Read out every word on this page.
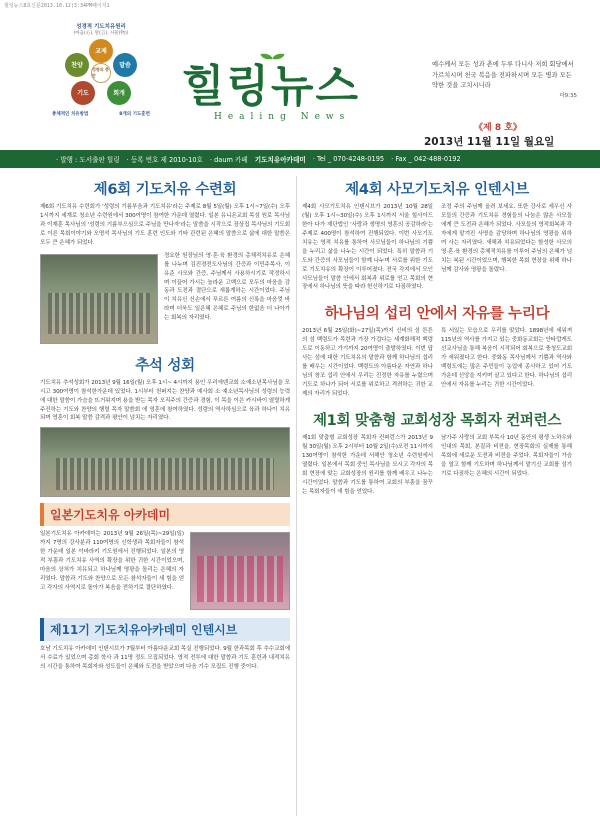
힐링뉴스8호신문2013.10.12(3:34PM페이지1
성경적 기도치유원리
(마음(心), 말(言), 사물(物))
교제
찬양	말씀
기도	회개
성령의 충만
총체적인 치유방법	8개의 기도훈련
힐링뉴스
Healing News
예수께서 모든 성과 촌에 두루 다니사 저희 회당에서 가르치시며 천국 복음을 전파하시며 모든 병과 모든 약한 것을 고치시니라
마9:35
《제 8 호》
2013년 11월 11일 월요일
· 발행 : 도서출판 힐링 · 등록 번호 제 2010-10호 · daum 카페 기도치유아카데미 · Tel _ 070-4248-0195 · Fax _ 042-488-0192
제6회 기도치유 수련회
제6회 기도치유 수련회가 '성령의 기름부음과 기도치유'라는 주제로 8월 5일(월) 오후 1시~7일(수) 오후 1시까지 세계로 청소년 수련원에서 300여명이 참여한 가운데 열렸다. 일본 유니온교회 목섬 원로 목사님과 이재훈 목사님의 '성령의 기름부으심으로 주님을 만나자'라는 말씀을 시작으로 장상집 목사님의 기도회로 이른 목회이야기와 오명석 목사님의 기도 훈련 인도와 기타 관련된 은혜의 말씀으로 삶에 대한 말씀은 모두 큰 은혜가 되었다.
정요한 원장님의 영·혼·육 환경의 총체적치유로 은혜를 나누며 김진경전도사님의 간증과 이민주목사, 이유준 사모와 간증, 주님께서 사용하시기로 작정하시며 이끌어 가시는 놀라운 고백으로 모두의 마음을 감동과 도전과 결단으로 새롭게하는 시간이었다. 주님이 치유신 신손에서 푸르른 여름의 신록을 마음껏 바라며 더욱도 일은혜 은혜로 주님의 한없음 더 나아가는 회복의 자리였다.
추석 성회
기도치유 추석성회가 2013년 9월 16일(월) 오후 1시~ 4시까지 용인 우리에덴교회 소예소년목사님을 모시고 300여명이 참석한가운데 있었다. 1시부터 천퍼지는 찬양과 예사회 소 예소년목사님의 성령의 능력에 대한 말씀이 가슴을 뜨거워지며 용을 받는 목자 오직주의 간증과 경험, 이 목을 이은 카시바이 열렬하게 주진하는 기도와 찬양의 행렬 목자 말씀회 에 영혼에 참여하였다. 성령의 역사하심으로 육과 하나이 치유되며 영혼이 회복 말씀 감격과 평안이 넘치는 자리였다.
일본기도치유 아카데미
일본기도치유 아카데미는 2013년 9월 26일(목)~29일(일)까지 7명의 강사분과 110여명의 신학생과 목회자들이 참석한 가운데 일본 이바라키 기도원에서 진행되었다. 일본의 영적 부흥과 기도치유 사역의 확장을 위한 귀한 시간이었으며, 마음의 상처가 치유되고 하나님께 영광을 돌리는 은혜의 자리였다. 말씀과 기도와 찬양으로 모든 참석자들이 새 힘을 얻고 각자의 사역지로 돌아가 복음을 전하기로 결단하였다.
제11기 기도치유아카데미 인텐시브
호남 기도치유 아카데미 인텐시브가 7월부터 아름다운교회 목실 진행되었다. 9월 한과목회 후 추수교회에서 수료가 있었으며 총회 학사 과 11명 정도 모집되었다. 영적 전투에 대한 말씀과 기도 훈련과 내적치유의 시간을 통하여 목회자와 성도들이 은혜와 도전을 받았으며 다음 기수 모집도 진행 중이다.
제4회 사모기도치유 인텐시브
제4회 사모기도치유 인텐시브가 2013년 10월 28일(월) 오후 1시~30일(수) 오후 1시까지 서울 힐사이드한아 다가 재단법인 '사랑과 생명의 영혼의 공감하라'는 주제로 400명이 참석하여 진행되었다. 이번 사모기도치유는 영적 치유를 통하여 사모님들이 하나님의 기쁨을 누리고 삶을 나누는 시간이 되었다. 특히 말씀과 기도와 간증의 사모님들이 함께 나누며 서로를 위한 기도로 기도치유의 확장이 이루어졌다. 전국 각지에서 모인 사모님들이 말씀 안에서 회복과 위로를 얻고 목회의 현장에서 하나님의 뜻을 따라 헌신하기로 다짐하였다.
조정 주의 주님께 올려 보세요. 또한 강사로 세우신 사모들의 간증과 기도치유 경험들의 나눔은 많은 사모들에게 큰 도전과 은혜가 되었다. 사모들의 영적회복과 각자에게 맡겨진 사명을 감당하며 하나님의 영광을 위하여 사는 자리였다. 새해과 치유되었다는 함성한 사모의 영·혼·육 환경의 총체적치유를 이루어 주님의 은혜가 넘치는 복된 시간이었으며, 행복한 목회 현장을 위해 하나님께 감사와 영광을 돌렸다.
하나님의 섭리 안에서 자유를 누리다
2013년 6월 25일(화)~27일(목)까지 신비의 섬 튼튼의 섬 백령도가 목련과 가장 가겁다는 세계화해적 백령도로 이동하고 가기까지 20여명이 출발하였다. 이번 답사는 섬에 대한 기도치유의 말씀과 함께 하나님의 섭리를 배우는 시간이었다. 백령도의 아름다운 자연과 하나님의 창조 섭리 안에서 우리는 진정한 자유를 누렸으며 기도로 하나가 되어 서로를 위로하고 격려하는 귀한 교제의 자리가 되었다.
특 서있는 모습으로 우리를 맞았다. 1898년에 세워져 115년의 역사를 가지고 있는 중화동교회는 안타깝게도 선교사님을 통해 복음이 시작되어 회복으로 충청도교회가 세워졌다고 한다. 중화동 목사님께서 기쁨과 역사와 백령도에는 많은 주민들이 농업에 종사하고 있어 기도 가운데 신앙을 지키며 살고 있다고 한다. 하나님의 섭리 안에서 자유를 누리는 귀한 시간이었다.
제1회 맞춤형 교회성장 목회자 컨퍼런스
제1회 맞춤형 교회성장 목회자 컨퍼런스가 2013년 9월 30일(월) 오후 2시부터 10월 2일(수)오전 11시까지 130여명이 참석한 가운데 서해안 청소년 수련원에서 열렸다. 일본에서 목회 중인 목사님을 모시고 각자의 목회 현장에 맞는 교회성장의 원리를 함께 배우고 나누는 시간이었다. 말씀과 기도를 통하여 교회의 부흥을 꿈꾸는 목회자들이 새 힘을 얻었다.
남가주 사랑의 교회 부목사 10년 동안의 평생 노하우와 인내의 목회, 본질과 비젼을, 현장목회의 실제를 통해 목회에 새로운 도전과 비전을 주었다. 목회자들이 가슴을 열고 함께 기도하며 하나님께서 맡기신 교회를 섬기기로 다짐하는 은혜의 시간이 되었다.
